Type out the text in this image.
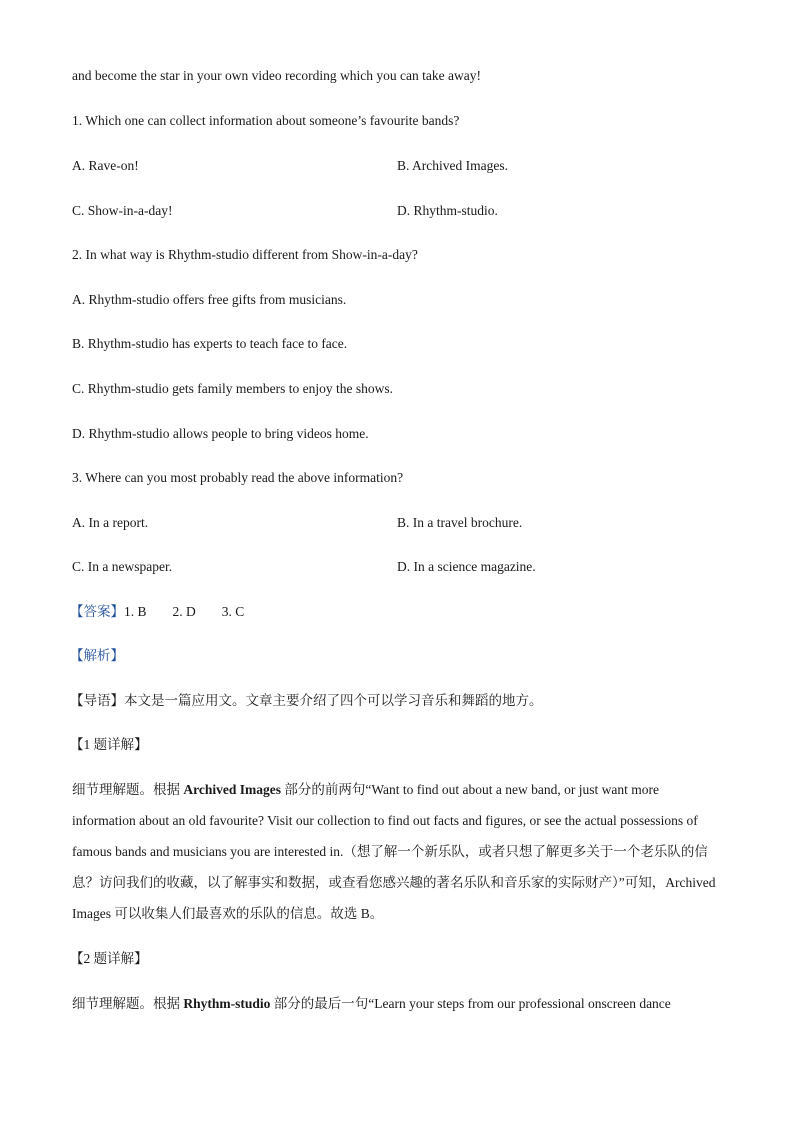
and become the star in your own video recording which you can take away!
1. Which one can collect information about someone’s favourite bands?
A. Rave-on!	B. Archived Images.
C. Show-in-a-day!	D. Rhythm-studio.
2. In what way is Rhythm-studio different from Show-in-a-day?
A. Rhythm-studio offers free gifts from musicians.
B. Rhythm-studio has experts to teach face to face.
C. Rhythm-studio gets family members to enjoy the shows.
D. Rhythm-studio allows people to bring videos home.
3. Where can you most probably read the above information?
A. In a report.	B. In a travel brochure.
C. In a newspaper.	D. In a science magazine.
【答案】1. B 2. D 3. C
【解析】
【导语】本文是一篇应用文。文章主要介绍了四个可以学习音乐和舞蹈的地方。
【1 题详解】
细节理解题。根据 Archived Images 部分的前两句“Want to find out about a new band, or just want more information about an old favourite? Visit our collection to find out facts and figures, or see the actual possessions of famous bands and musicians you are interested in.（想了解一个新乐队，或者只想了解更多关于一个老乐队的信息？访问我们的收藏，以了解事实和数据，或查看您感兴趣的著名乐队和音乐家的实际财产）”可知，Archived Images 可以收集人们最喜欢的乐队的信息。故选 B。
【2 题详解】
细节理解题。根据 Rhythm-studio 部分的最后一句“Learn your steps from our professional onscreen dance
